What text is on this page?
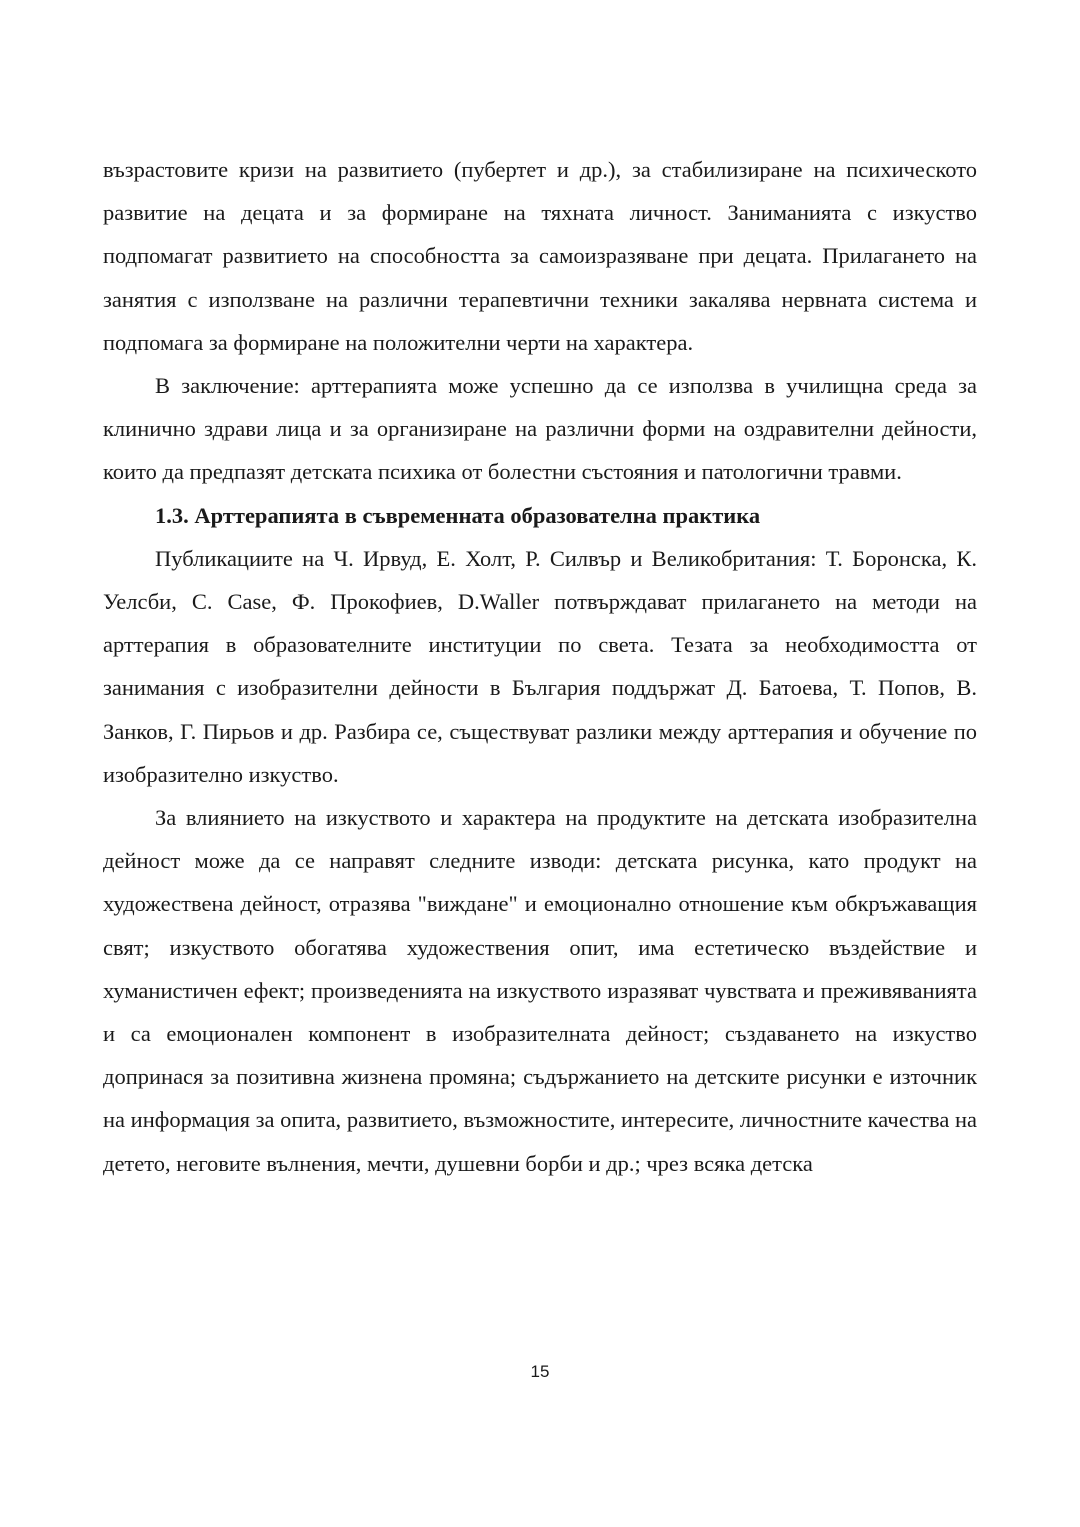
възрастовите кризи на развитието (пубертет и др.), за стабилизиране на психическото развитие на децата и за формиране на тяхната личност. Заниманията с изкуство подпомагат развитието на способността за самоизразяване при децата. Прилагането на занятия с използване на различни терапевтични техники закалява нервната система и подпомага за формиране на положителни черти на характера.

В заключение: арттерапията може успешно да се използва в училищна среда за клинично здрави лица и за организиране на различни форми на оздравителни дейности, които да предпазят детската психика от болестни състояния и патологични травми.

1.3. Арттерапията в съвременната образователна практика

Публикациите на Ч. Ирвуд, Е. Холт, Р. Силвър и Великобритания: Т. Боронска, К. Уелсби, С. Case, Ф. Прокофиев, D.Waller потвърждават прилагането на методи на арттерапия в образователните институции по света. Тезата за необходимостта от занимания с изобразителни дейности в България поддържат Д. Батоева, Т. Попов, В. Занков, Г. Пирьов и др. Разбира се, съществуват разлики между арттерапия и обучение по изобразително изкуство.

За влиянието на изкуството и характера на продуктите на детската изобразителна дейност може да се направят следните изводи: детската рисунка, като продукт на художествена дейност, отразява "виждане" и емоционално отношение към обкръжаващия свят; изкуството обогатява художествения опит, има естетическо въздействие и хуманистичен ефект; произведенията на изкуството изразяват чувствата и преживяванията и са емоционален компонент в изобразителната дейност; създаването на изкуство допринася за позитивна жизнена промяна; съдържанието на детските рисунки е източник на информация за опита, развитието, възможностите, интересите, личностните качества на детето, неговите вълнения, мечти, душевни борби и др.; чрез всяка детска

15
